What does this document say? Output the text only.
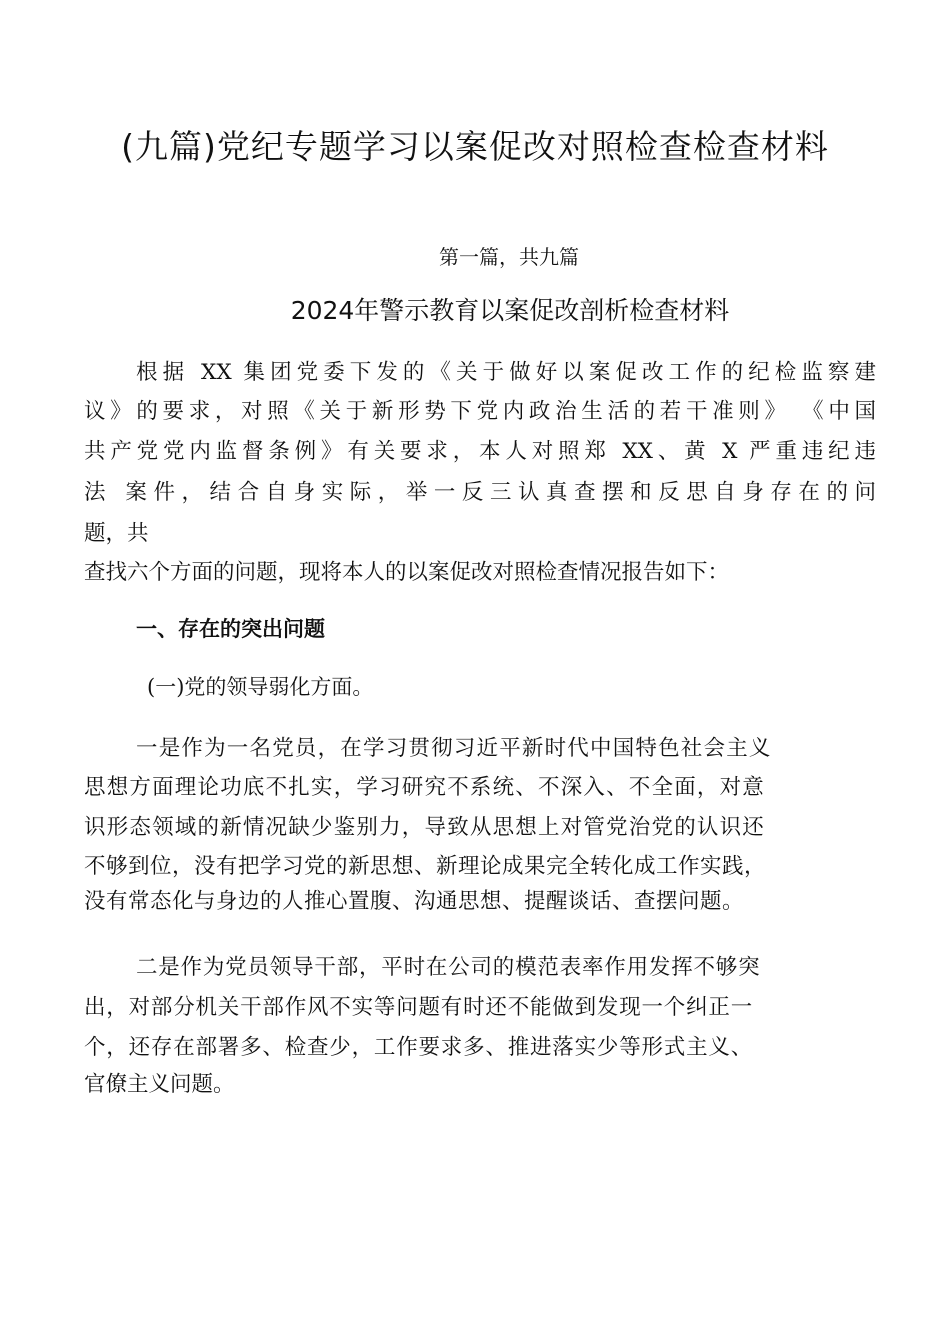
(九篇)党纪专题学习以案促改对照检查检查材料
第一篇，共九篇
2024年警示教育以案促改剖析检查材料
根据 XX 集团党委下发的《关于做好以案促改工作的纪检监察建
议》的要求，对照《关于新形势下党内政治生活的若干准则》 《中国
共产党党内监督条例》有关要求，本人对照郑 XX、黄 X 严重违纪违
法 案件，结合自身实际，举一反三认真查摆和反思自身存在的问
题，共
查找六个方面的问题，现将本人的以案促改对照检查情况报告如下：
一、存在的突出问题
(一)党的领导弱化方面。
一是作为一名党员，在学习贯彻习近平新时代中国特色社会主义
思想方面理论功底不扎实，学习研究不系统、不深入、不全面，对意
识形态领域的新情况缺少鉴别力，导致从思想上对管党治党的认识还
不够到位，没有把学习党的新思想、新理论成果完全转化成工作实践，
没有常态化与身边的人推心置腹、沟通思想、提醒谈话、查摆问题。
二是作为党员领导干部，平时在公司的模范表率作用发挥不够突
出，对部分机关干部作风不实等问题有时还不能做到发现一个纠正一
个，还存在部署多、检查少，工作要求多、推进落实少等形式主义、
官僚主义问题。
